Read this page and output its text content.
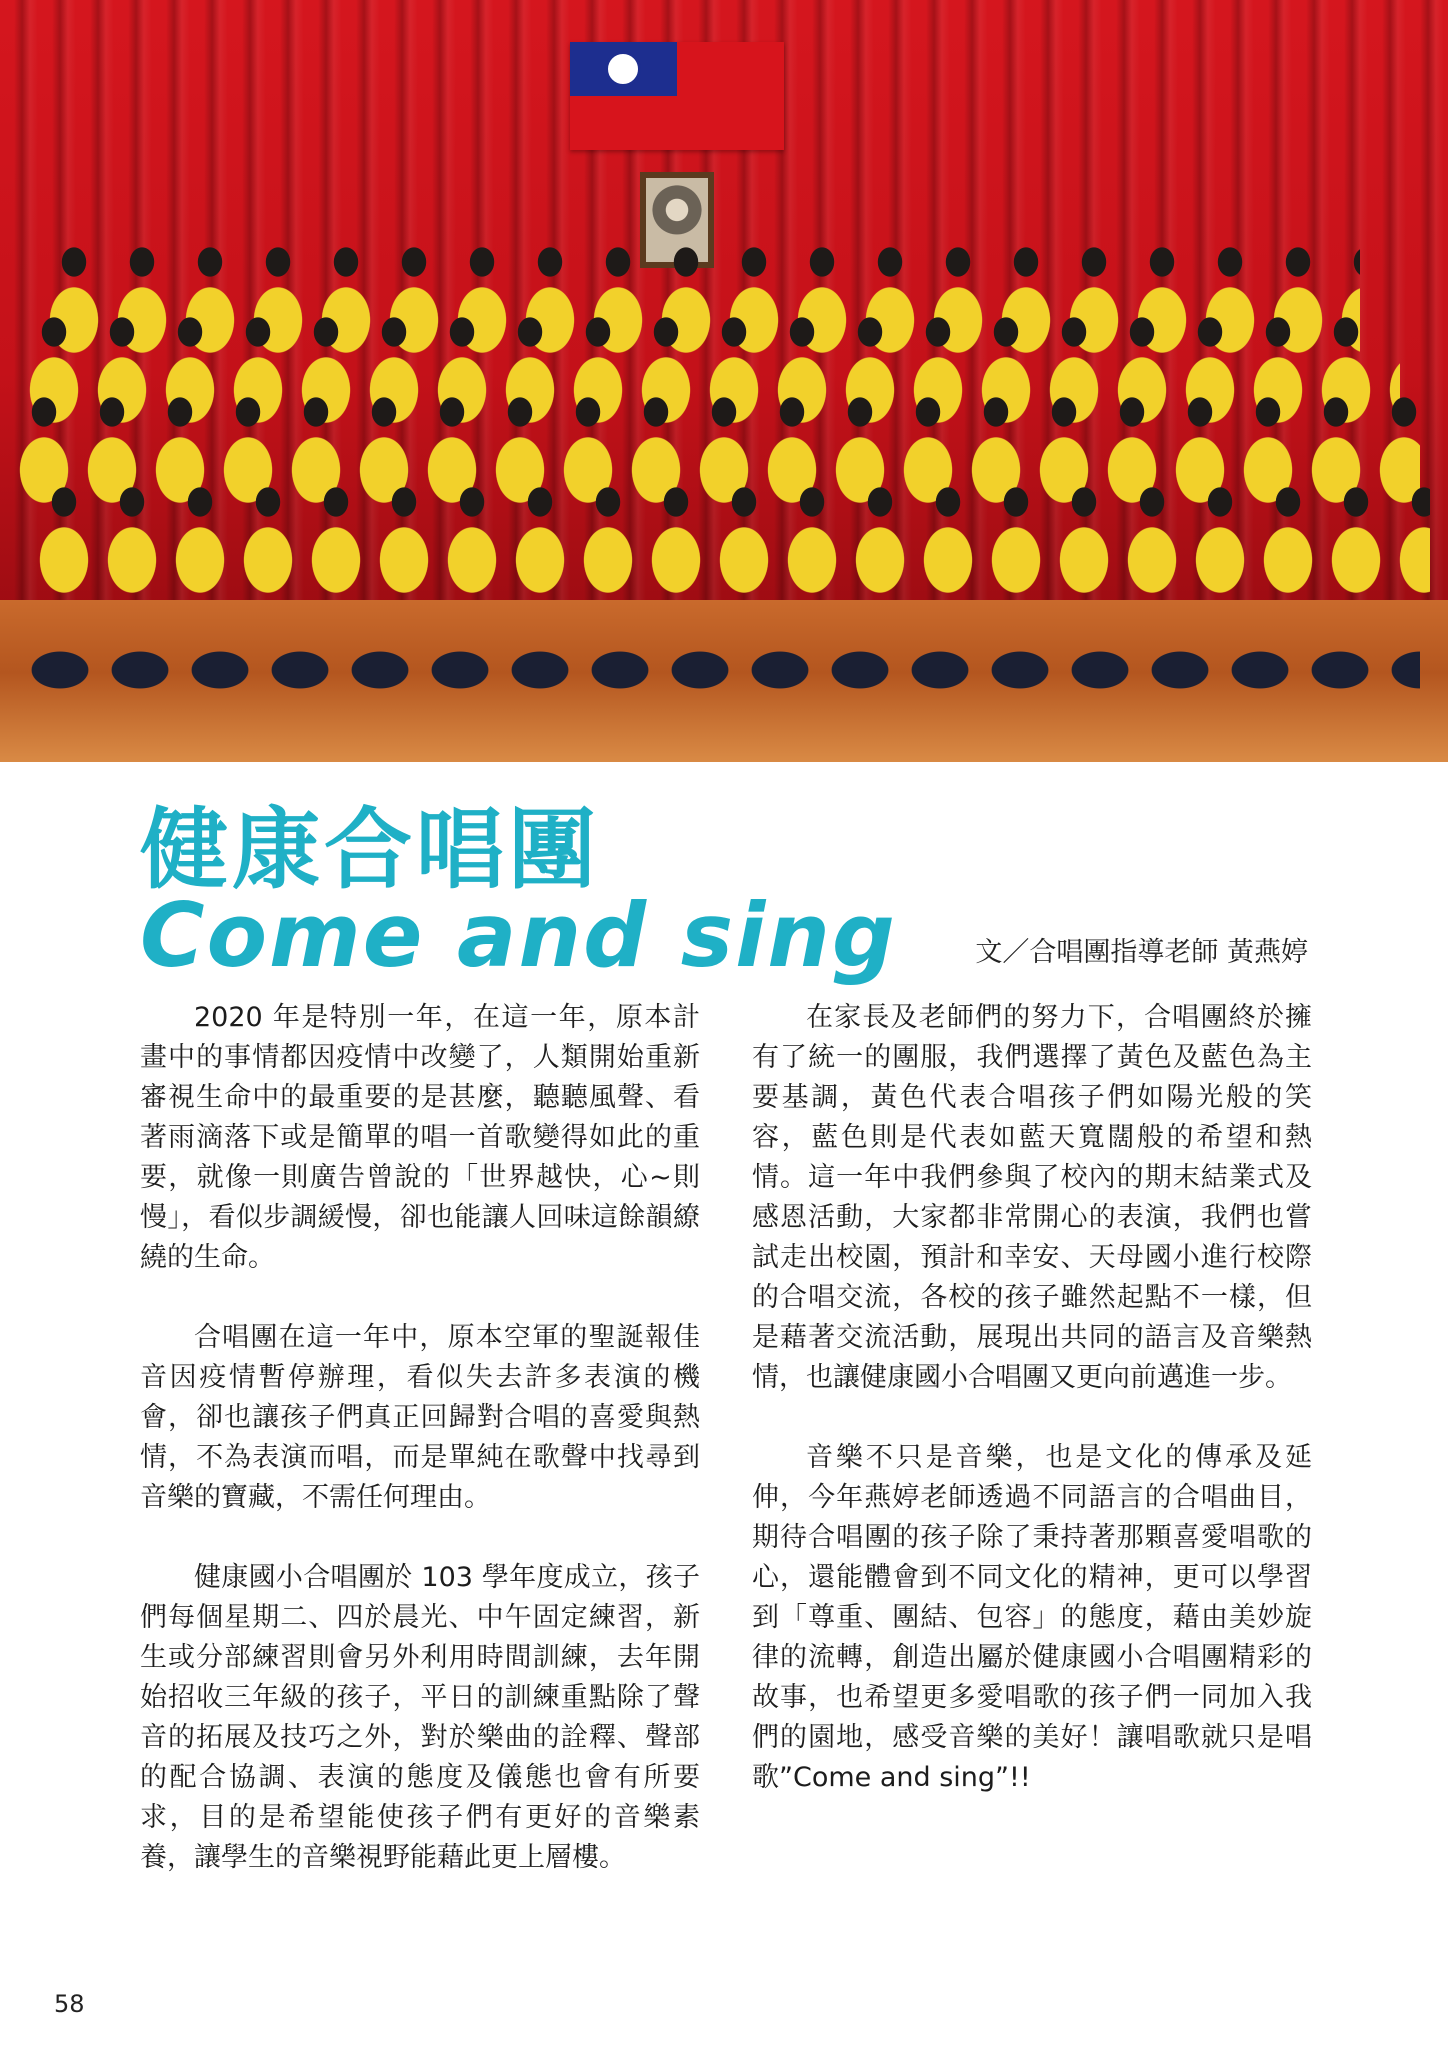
健康合唱團
Come and sing	文／合唱團指導老師 黃燕婷

2020 年是特別一年，在這一年，原本計畫中的事情都因疫情中改變了，人類開始重新審視生命中的最重要的是甚麼，聽聽風聲、看著雨滴落下或是簡單的唱一首歌變得如此的重要，就像一則廣告曾說的「世界越快，心~則慢」，看似步調緩慢，卻也能讓人回味這餘韻繚繞的生命。

合唱團在這一年中，原本空軍的聖誕報佳音因疫情暫停辦理，看似失去許多表演的機會，卻也讓孩子們真正回歸對合唱的喜愛與熱情，不為表演而唱，而是單純在歌聲中找尋到音樂的寶藏，不需任何理由。

健康國小合唱團於 103 學年度成立，孩子們每個星期二、四於晨光、中午固定練習，新生或分部練習則會另外利用時間訓練，去年開始招收三年級的孩子，平日的訓練重點除了聲音的拓展及技巧之外，對於樂曲的詮釋、聲部的配合協調、表演的態度及儀態也會有所要求，目的是希望能使孩子們有更好的音樂素養，讓學生的音樂視野能藉此更上層樓。

在家長及老師們的努力下，合唱團終於擁有了統一的團服，我們選擇了黃色及藍色為主要基調，黃色代表合唱孩子們如陽光般的笑容，藍色則是代表如藍天寬闊般的希望和熱情。這一年中我們參與了校內的期末結業式及感恩活動，大家都非常開心的表演，我們也嘗試走出校園，預計和幸安、天母國小進行校際的合唱交流，各校的孩子雖然起點不一樣，但是藉著交流活動，展現出共同的語言及音樂熱情，也讓健康國小合唱團又更向前邁進一步。

音樂不只是音樂，也是文化的傳承及延伸，今年燕婷老師透過不同語言的合唱曲目，期待合唱團的孩子除了秉持著那顆喜愛唱歌的心，還能體會到不同文化的精神，更可以學習到「尊重、團結、包容」的態度，藉由美妙旋律的流轉，創造出屬於健康國小合唱團精彩的故事，也希望更多愛唱歌的孩子們一同加入我們的園地，感受音樂的美好！讓唱歌就只是唱歌”Come and sing”!!

58
